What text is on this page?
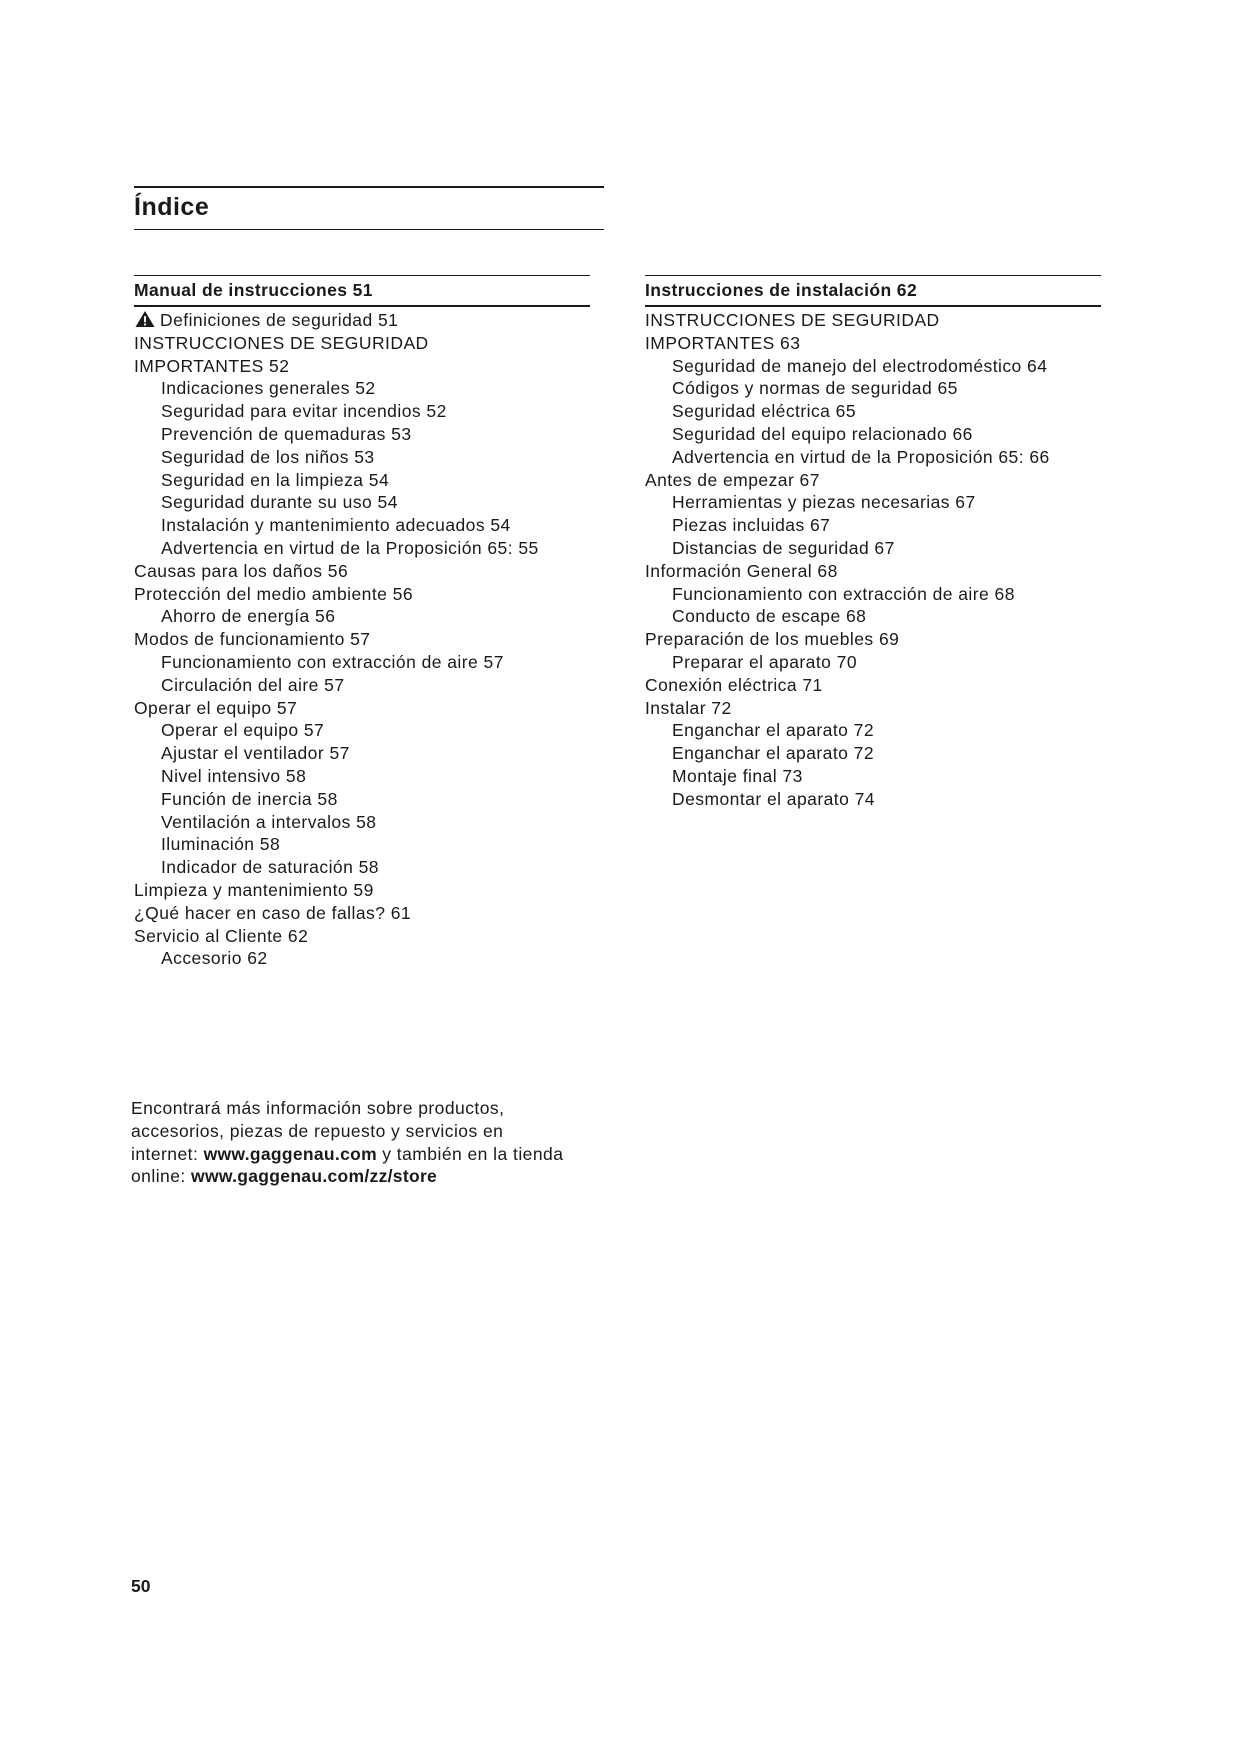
Índice
Manual de instrucciones 51
Definiciones de seguridad 51
INSTRUCCIONES DE SEGURIDAD
IMPORTANTES 52
Indicaciones generales 52
Seguridad para evitar incendios 52
Prevención de quemaduras 53
Seguridad de los niños 53
Seguridad en la limpieza 54
Seguridad durante su uso 54
Instalación y mantenimiento adecuados 54
Advertencia en virtud de la Proposición 65: 55
Causas para los daños 56
Protección del medio ambiente 56
Ahorro de energía 56
Modos de funcionamiento 57
Funcionamiento con extracción de aire 57
Circulación del aire 57
Operar el equipo 57
Operar el equipo 57
Ajustar el ventilador 57
Nivel intensivo 58
Función de inercia 58
Ventilación a intervalos 58
Iluminación 58
Indicador de saturación 58
Limpieza y mantenimiento 59
¿Qué hacer en caso de fallas? 61
Servicio al Cliente 62
Accesorio 62
Instrucciones de instalación 62
INSTRUCCIONES DE SEGURIDAD
IMPORTANTES 63
Seguridad de manejo del electrodoméstico 64
Códigos y normas de seguridad 65
Seguridad eléctrica 65
Seguridad del equipo relacionado 66
Advertencia en virtud de la Proposición 65: 66
Antes de empezar 67
Herramientas y piezas necesarias 67
Piezas incluidas 67
Distancias de seguridad 67
Información General 68
Funcionamiento con extracción de aire 68
Conducto de escape 68
Preparación de los muebles 69
Preparar el aparato 70
Conexión eléctrica 71
Instalar 72
Enganchar el aparato 72
Enganchar el aparato 72
Montaje final 73
Desmontar el aparato 74

Encontrará más información sobre productos,
accesorios, piezas de repuesto y servicios en
internet: www.gaggenau.com y también en la tienda
online: www.gaggenau.com/zz/store

50
